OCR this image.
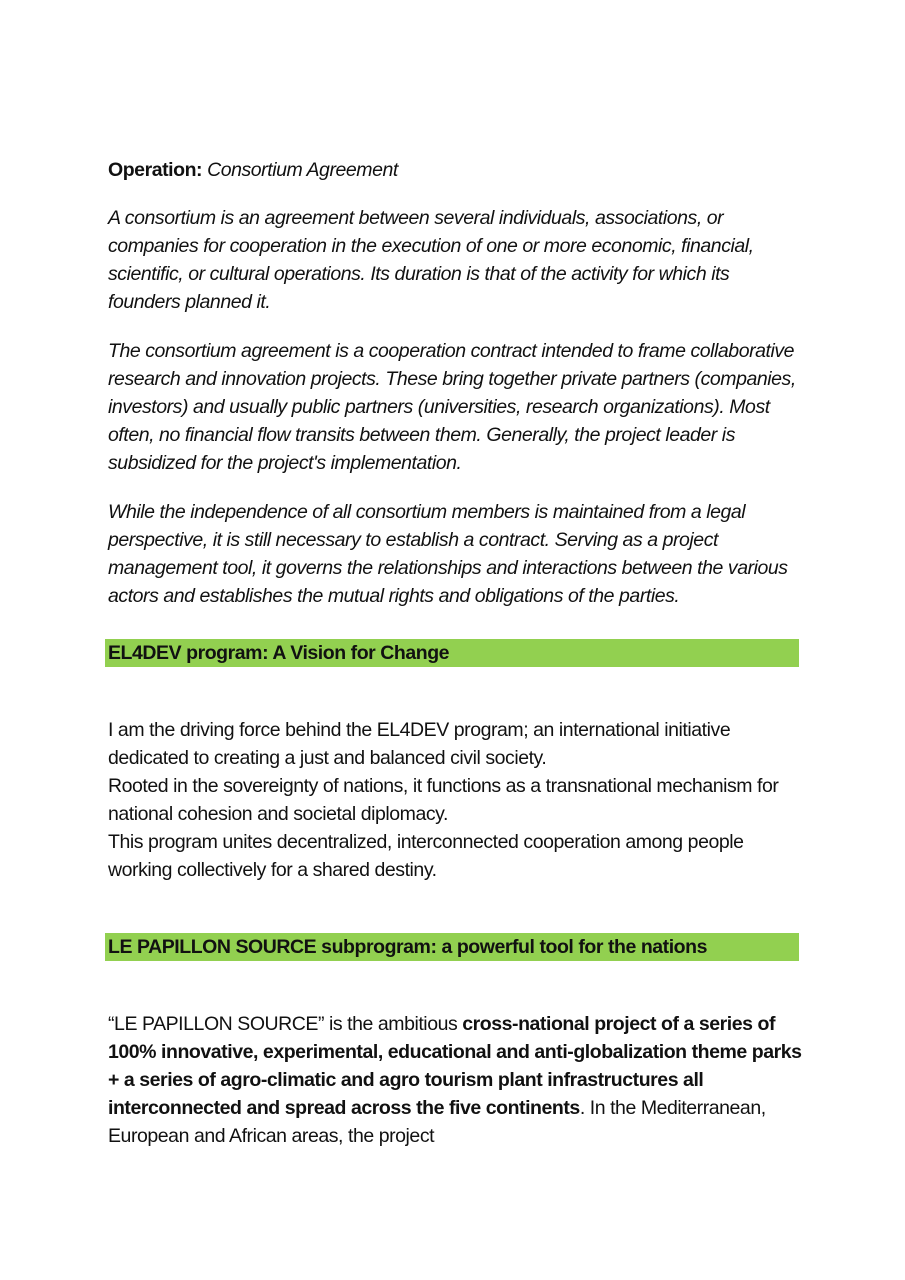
Operation: Consortium Agreement

A consortium is an agreement between several individuals, associations, or companies for cooperation in the execution of one or more economic, financial, scientific, or cultural operations. Its duration is that of the activity for which its founders planned it.

The consortium agreement is a cooperation contract intended to frame collaborative research and innovation projects. These bring together private partners (companies, investors) and usually public partners (universities, research organizations). Most often, no financial flow transits between them. Generally, the project leader is subsidized for the project's implementation.

While the independence of all consortium members is maintained from a legal perspective, it is still necessary to establish a contract. Serving as a project management tool, it governs the relationships and interactions between the various actors and establishes the mutual rights and obligations of the parties.

EL4DEV program: A Vision for Change

I am the driving force behind the EL4DEV program; an international initiative dedicated to creating a just and balanced civil society.

Rooted in the sovereignty of nations, it functions as a transnational mechanism for national cohesion and societal diplomacy.

This program unites decentralized, interconnected cooperation among people working collectively for a shared destiny.

LE PAPILLON SOURCE subprogram: a powerful tool for the nations

“LE PAPILLON SOURCE” is the ambitious cross-national project of a series of 100% innovative, experimental, educational and anti-globalization theme parks + a series of agro-climatic and agro tourism plant infrastructures all interconnected and spread across the five continents. In the Mediterranean, European and African areas, the project
